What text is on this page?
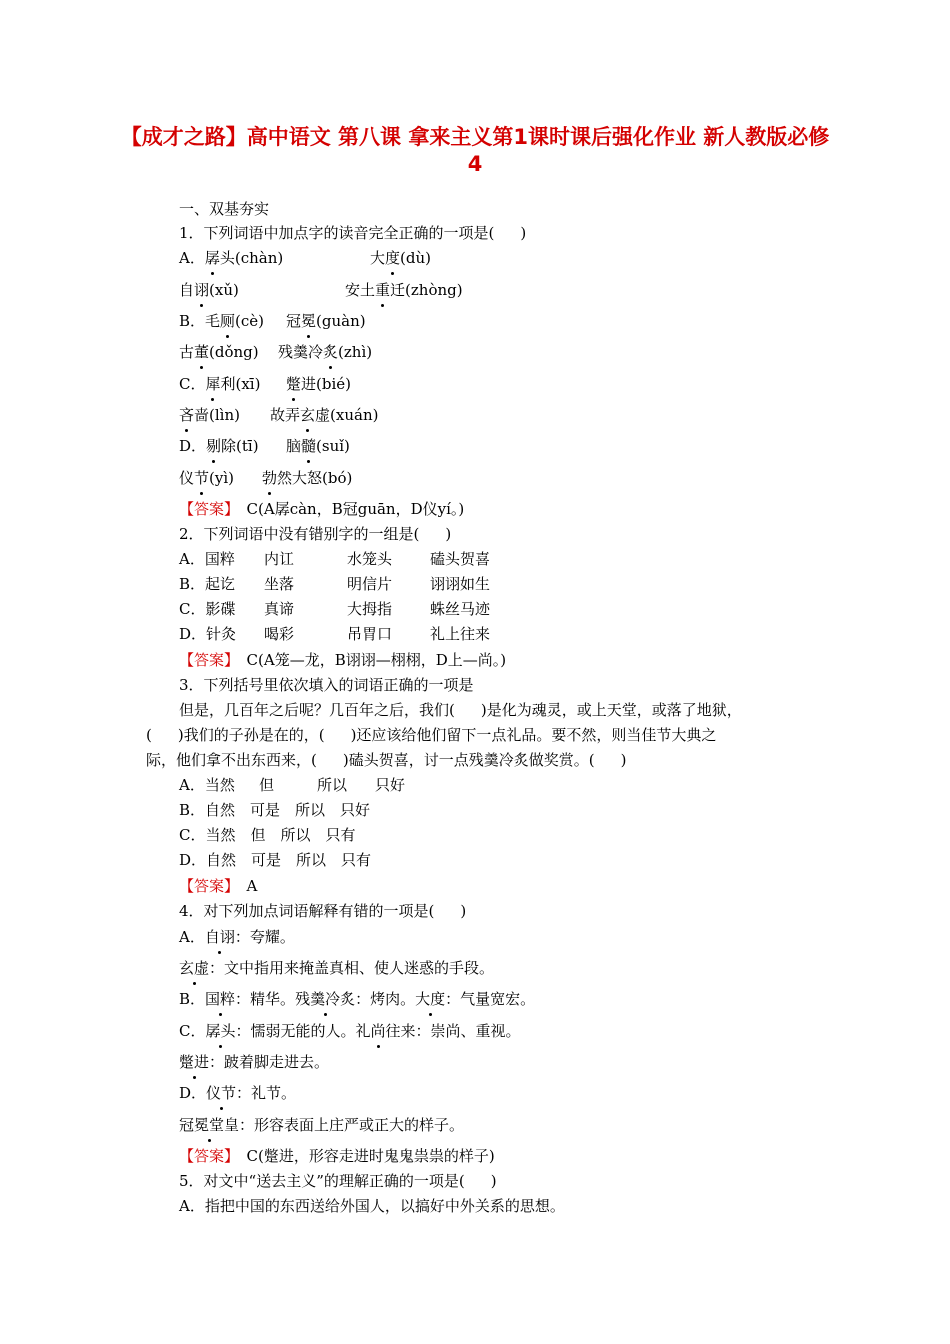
【成才之路】高中语文 第八课 拿来主义第1课时课后强化作业 新人教版必修4
一、双基夯实
1．下列词语中加点字的读音完全正确的一项是( )
A．孱头(chàn)	大度(dù)
自诩(xǔ)	安土重迁(zhòng)
B．毛厕(cè) 冠冕(guàn)
古董(dǒng) 残羹冷炙(zhì)
C．犀利(xī) 蹩进(bié)
吝啬(lìn) 故弄玄虚(xuán)
D．剔除(tī) 脑髓(suǐ)
仪节(yì) 勃然大怒(bó)
【答案】　 C(A孱càn，B冠guān，D仪yí。)
2．下列词语中没有错别字的一组是( )
A．国粹 内讧	水笼头	磕头贺喜
B．起讫 坐落	明信片	诩诩如生
C．影碟 真谛	大拇指	蛛丝马迹
D．针灸 喝彩	吊胃口	礼上往来
【答案】　 C(A笼—龙，B诩诩—栩栩，D上—尚。)
3．下列括号里依次填入的词语正确的一项是
但是，几百年之后呢？几百年之后，我们( )是化为魂灵，或上天堂，或落了地狱，
( )我们的子孙是在的，( )还应该给他们留下一点礼品。要不然，则当佳节大典之
际，他们拿不出东西来，( )磕头贺喜，讨一点残羹冷炙做奖赏。( )
A．当然 但	所以 只好
B．自然　可是　所以　只好
C．当然　但　所以　只有
D．自然　可是　所以　只有
【答案】　 A
4．对下列加点词语解释有错的一项是( )
A．自诩：夸耀。
玄虚：文中指用来掩盖真相、使人迷惑的手段。
B．国粹：精华。残羹冷炙：烤肉。大度：气量宽宏。
C．孱头：懦弱无能的人。礼尚往来：崇尚、重视。
蹩进：跛着脚走进去。
D．仪节：礼节。
冠冕堂皇：形容表面上庄严或正大的样子。
【答案】　 C(蹩进，形容走进时鬼鬼祟祟的样子)
5．对文中“送去主义”的理解正确的一项是( )
A．指把中国的东西送给外国人，以搞好中外关系的思想。
